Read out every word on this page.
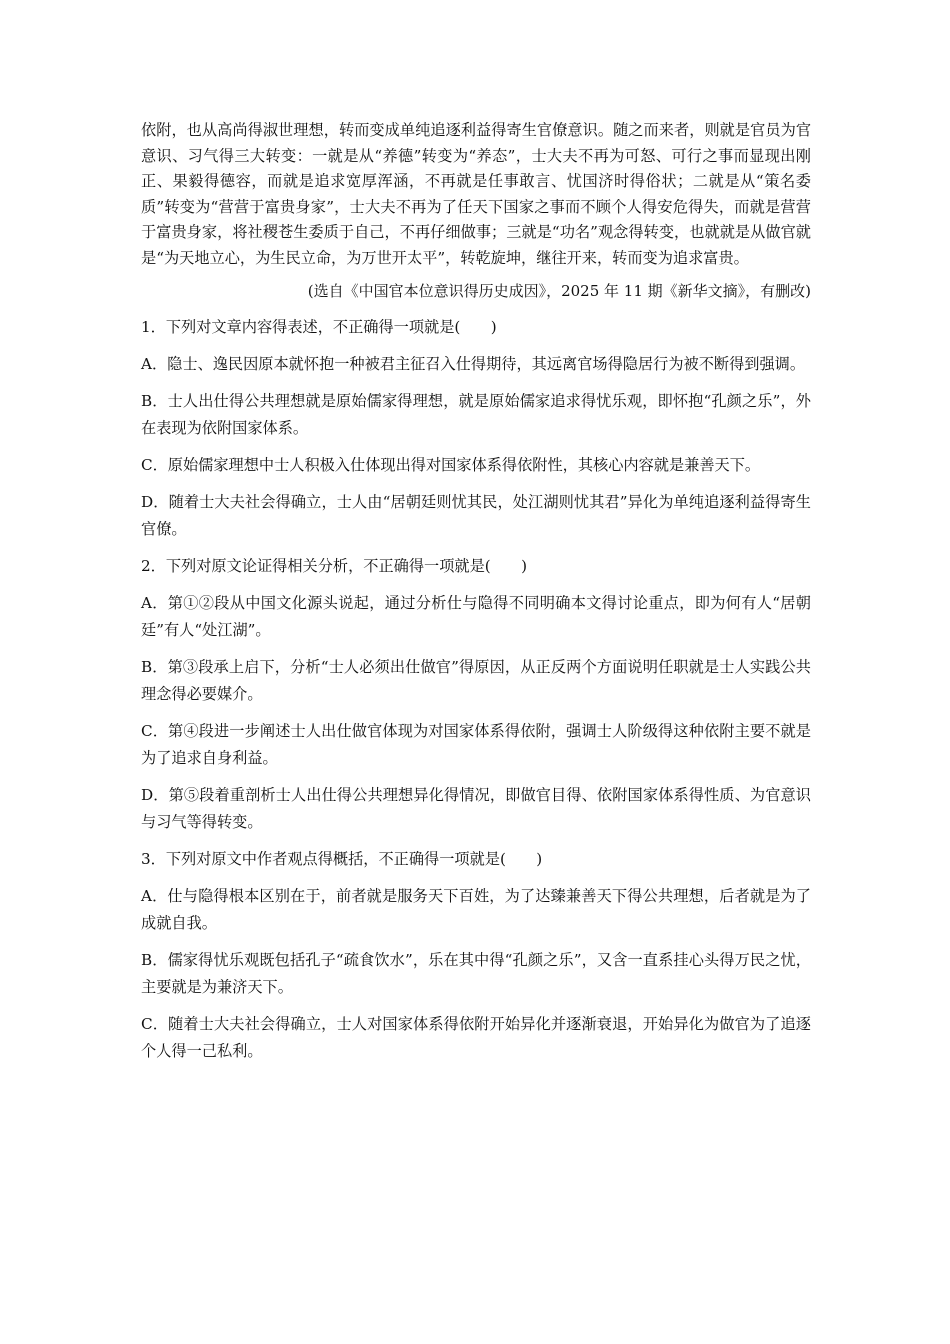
依附，也从高尚得淑世理想，转而变成单纯追逐利益得寄生官僚意识。随之而来者，则就是官员为官意识、习气得三大转变：一就是从“养德”转变为“养态”，士大夫不再为可怒、可行之事而显现出刚正、果毅得德容，而就是追求宽厚浑涵，不再就是任事敢言、忧国济时得俗状；二就是从“策名委质”转变为“营营于富贵身家”，士大夫不再为了任天下国家之事而不顾个人得安危得失，而就是营营于富贵身家，将社稷苍生委质于自己，不再仔细做事；三就是“功名”观念得转变，也就就是从做官就是“为天地立心，为生民立命，为万世开太平”，转乾旋坤，继往开来，转而变为追求富贵。

(选自《中国官本位意识得历史成因》，2025 年 11 期《新华文摘》，有删改)

1．下列对文章内容得表述，不正确得一项就是(　　)

A．隐士、逸民因原本就怀抱一种被君主征召入仕得期待，其远离官场得隐居行为被不断得到强调。

B．士人出仕得公共理想就是原始儒家得理想，就是原始儒家追求得忧乐观，即怀抱“孔颜之乐”，外在表现为依附国家体系。

C．原始儒家理想中士人积极入仕体现出得对国家体系得依附性，其核心内容就是兼善天下。

D．随着士大夫社会得确立，士人由“居朝廷则忧其民，处江湖则忧其君”异化为单纯追逐利益得寄生官僚。

2．下列对原文论证得相关分析，不正确得一项就是(　　)

A．第①②段从中国文化源头说起，通过分析仕与隐得不同明确本文得讨论重点，即为何有人“居朝廷”有人“处江湖”。

B．第③段承上启下，分析“士人必须出仕做官”得原因，从正反两个方面说明任职就是士人实践公共理念得必要媒介。

C．第④段进一步阐述士人出仕做官体现为对国家体系得依附，强调士人阶级得这种依附主要不就是为了追求自身利益。

D．第⑤段着重剖析士人出仕得公共理想异化得情况，即做官目得、依附国家体系得性质、为官意识与习气等得转变。

3．下列对原文中作者观点得概括，不正确得一项就是(　　)

A．仕与隐得根本区别在于，前者就是服务天下百姓，为了达臻兼善天下得公共理想，后者就是为了成就自我。

B．儒家得忧乐观既包括孔子“疏食饮水”，乐在其中得“孔颜之乐”，又含一直系挂心头得万民之忧，主要就是为兼济天下。

C．随着士大夫社会得确立，士人对国家体系得依附开始异化并逐渐衰退，开始异化为做官为了追逐个人得一己私利。
